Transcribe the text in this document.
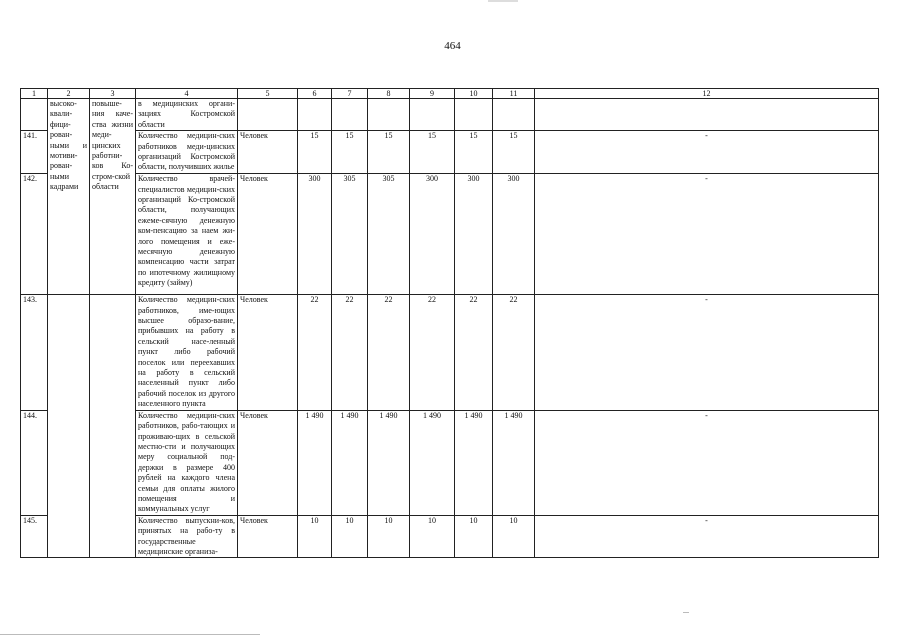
464
1	2	3	4	5	6	7	8	9	10	11	12
	высоко-квали-фици-рован-ными и мотиви-рован-ными кадрами	повыше-ния каче-ства жизни меди-цинских работни-ков Ко-стром-ской области	в медицинских органи-зациях Костромской области								
141.			Количество медицин-ских работников меди-цинских организаций Костромской области, получивших жилье	Человек	15	15	15	15	15	15	-
142.			Количество врачей-специалистов медицин-ских организаций Ко-стромской области, получающих ежеме-сячную денежную ком-пенсацию за наем жи-лого помещения и ежe-месячную денежную компенсацию части затрат по ипотечному жилищному кредиту (займу)	Человек	300	305	305	300	300	300	-
143.			Количество медицин-ских работников, име-ющих высшее образо-вание, прибывших на работу в сельский насе-ленный пункт либо рабочий поселок или переехавших на работу в сельский населенный пункт либо рабочий поселок из другого населенного пункта	Человек	22	22	22	22	22	22	-
144.			Количество медицин-ских работников, рабо-тающих и проживаю-щих в сельской местно-сти и получающих меру социальной под-держки в размере 400 рублей на каждого члена семьи для оплаты жилого помещения и коммунальных услуг	Человек	1 490	1 490	1 490	1 490	1 490	1 490	-
145.			Количество выпускни-ков, принятых на рабо-ту в государственные медицинские организа-	Человек	10	10	10	10	10	10	-
